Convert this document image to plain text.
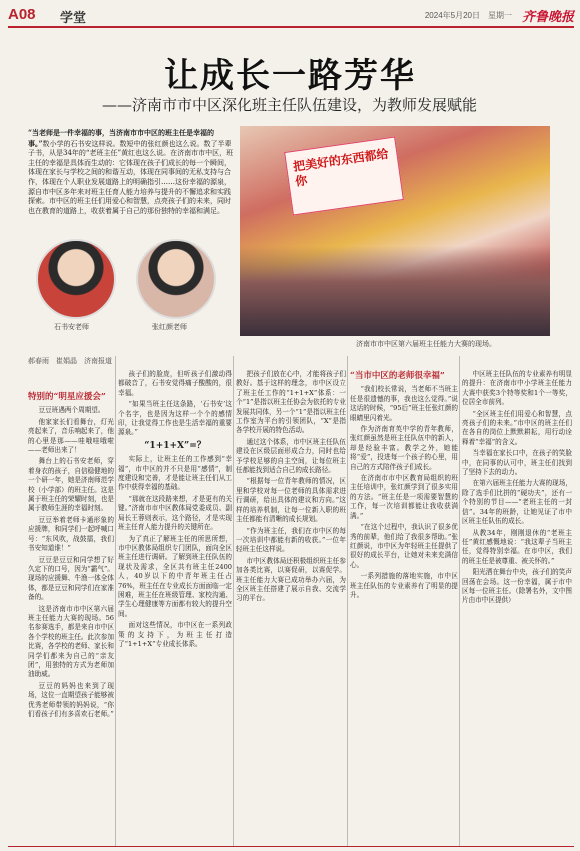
A08 学堂	2024年5月20日　星期一 齐鲁晚报
让成长一路芳华
——济南市市中区深化班主任队伍建设，为教师发展赋能
“当老师是一件幸福的事，当济南市市中区的班主任是幸福的事。”数小学的石书安这样说。数短中的张红颜也这么说。数了半辈子书，从是34年的“老班主任”黄红也这么说。在济南市市中区，班主任的幸福是具体而生动的：它体现在孩子们成长的每一个瞬间，体现在家长与学校之间的和谐互动，体现在同事间的无私支持与合作，体现在个人职业发展道路上的明确指引……这份幸福的源泉，源自市中区多年来对班主任育人能力培养与提升的不懈追求和实践探索。市中区的班主任们用爱心和智慧，点亮孩子们的未来，同时也在教育的道路上，收获着属于自己的那份独特的幸福和满足。
把美好的东西都给你
济南市市中区第六届班主任能力大赛的现场。
石书安老师	张红颜老师
郝春雨　崔娟晶　济南报道

特别的“明星应援会”

豆豆班遇两个周期望。

他家家长们看舞台，灯光亮起来了，音乐响起来了，他的心里是那——哇哦哇哦啦——老师出来了！

舞台上的石书安老师，穿着身衣的孩子，自信稳健地的一个研一年，她是济南师范学校（小学部）的班主任。这是属于班主任的荣耀时刻，也是属于教师生涯的幸福时刻。

豆豆举着老师卡通形象的应援牌，和同学们一起呼喊口号：“东风吹，战鼓擂，我们书安知道谁！”

豆豆是豆豆和同学想了好久定下的口号，因为“霸气”。现场的应援舞、牛渔一体全体体，都是豆豆和同学们在家准备的。

这是济南市市中区第六届班主任能力大赛的现场。56名参赛选手，都是来自市中区各个学校的班主任。此次参加比赛，各学校的老师、家长和同学们都来为自己的“亲友团”，用独特的方式为老师加油助威。

豆豆的妈妈也来到了现场，这位一直期望孩子能够被优秀老师带领的妈妈说，“你们看孩子们有多喜欢石老师。”

孩子们的脸庞，但听孩子们激动得都破音了，石书安觉得痛子酸酸的，很幸福。

“如果当班主任这条路，‘石书安’这个名字，也是因为这样一个个的感情印，让我觉得工作也是生活幸福的重要源泉。”

“1+1+X”=？

实际上，让班主任的工作感到“幸福”，市中区的并不只是用“感情”，制度建设和完善，才是能让班主任们从工作中获得幸福的基础。

“那就在这段路来想，才是更有的关键。”济南市市中区教体局党委成员、副局长王蓉则表示，这个路径，才是实现班主任育人能力提升的关键所在。

为了真正了解班主任的所思所想，市中区教体局组织专门团队，面向全区班主任进行调研。了解到班主任队伍的现状及需求，全区共有班主任2400人，40岁以下的中青年班主任占76%，班主任在专业成长方面面临一定困难，班主任在班级管理、家校沟通、学生心理健康等方面都有较大的提升空间。

面对这些情况，市中区在一系列政策的支持下，为班主任打造了“1+1+X”专业成长体系。

把孩子们放在心中，才能将孩子们教好。基于这样的理念，市中区设立了班主任工作的“1+1+X”体系：一个“1”是指以班主任协会为依托的专业发展共同体，另一个“1”是指以班主任工作室为平台的引领团队，“X”是指各学校开展的特色活动。

通过这个体系，市中区班主任队伍建设在区级层面形成合力，同时也给予学校足够的自主空间，让每位班主任都能找到适合自己的成长路径。

“根据每一位青年教师的情况，区里和学校对每一位老师的具体需求进行调研，给出具体的建议和方向。”这样的培养机制，让每一位新入职的班主任都能有清晰的成长规划。

“作为班主任，我们在市中区的每一次培训中都能有新的收获。”一位年轻班主任这样说。

市中区教体局还积极组织班主任参加各类比赛，以赛促研，以赛促学。班主任能力大赛已成功举办六届，为全区班主任搭建了展示自我、交流学习的平台。

“当市中区的老师很幸福”

“我们校长常说，当老师不当班主任是很遗憾的事，我也这么觉得。”说这话的时候，“95后”班主任张红颜的眼睛里闪着光。

作为济南育英中学的青年教师，张红颜虽然是班主任队伍中的新人，却是经验丰富。教学之外，她能将“爱”，投进每一个孩子的心里，用自己的方式陪伴孩子们成长。

在济南市市中区教育局组织的班主任培训中，张红颜学到了很多实用的方法。“班主任是一项需要智慧的工作，每一次培训都能让我收获满满。”

“在这个过程中，我认识了很多优秀的前辈，他们给了我很多帮助。”张红颜说，市中区为年轻班主任提供了很好的成长平台，让她对未来充满信心。

一系列措施的落地实施，市中区班主任队伍的专业素养有了明显的提升。

中区班主任队伍的专业素养有明显的提升：在济南市中小学班主任能力大赛中获奖3个特等奖和1个一等奖，位居全市前列。

“全区班主任们用爱心和智慧，点亮孩子们的未来。”市中区的班主任们在各自的岗位上默默耕耘，用行动诠释着“幸福”的含义。

当幸福在家长口中，在孩子的笑脸中，在同事的认可中，班主任们找到了坚持下去的动力。

在第六届班主任能力大赛的现场，除了选手们比拼的“硬功夫”，还有一个特别的节目——“老班主任的一封信”。34年的班龄，让她见证了市中区班主任队伍的成长。

从教34年，刚刚退休的“老班主任”黄红感慨地说：“我这辈子当班主任，觉得特别幸福。在市中区，我们的班主任是被尊重、被关怀的。”

阳光洒在舞台中央，孩子们的笑声回荡在会场。这一份幸福，属于市中区每一位班主任。（除署名外，文中图片由市中区提供）
